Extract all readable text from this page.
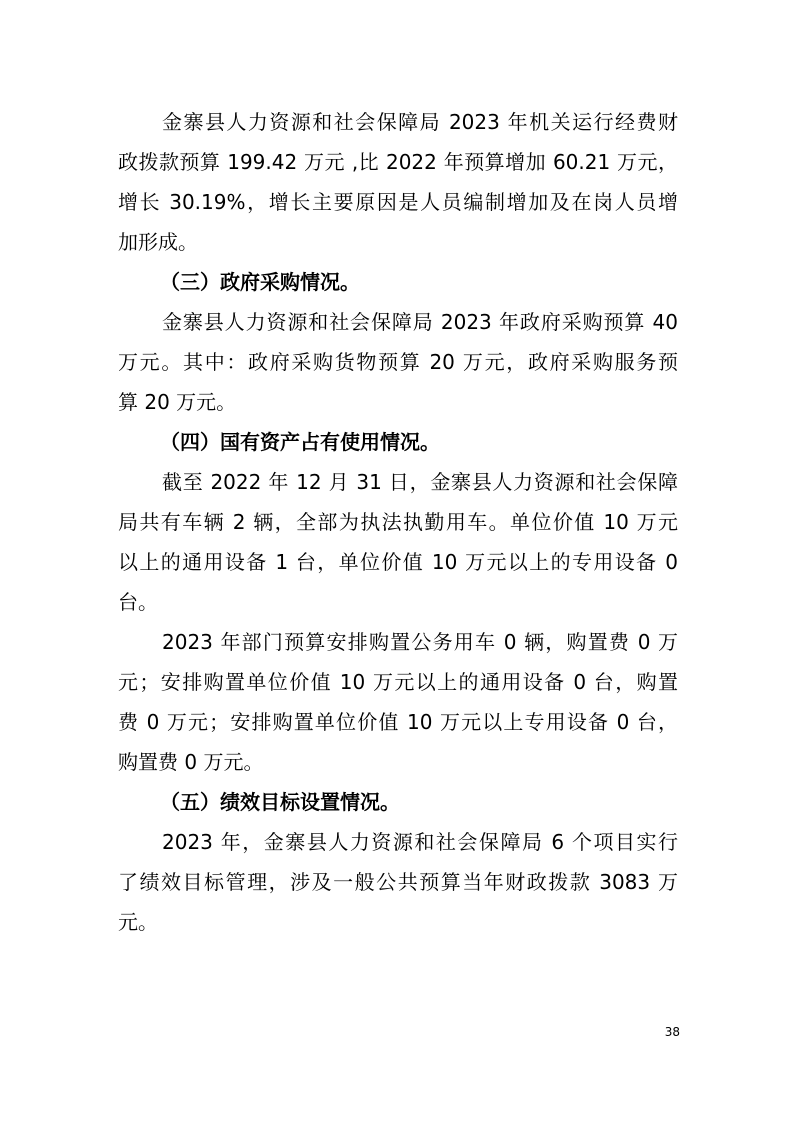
金寨县人力资源和社会保障局 2023 年机关运行经费财
政拨款预算 199.42 万元 ,比 2022 年预算增加 60.21 万元，
增长 30.19%，增长主要原因是人员编制增加及在岗人员增
加形成。
（三）政府采购情况。
金寨县人力资源和社会保障局 2023 年政府采购预算 40
万元。其中：政府采购货物预算 20 万元，政府采购服务预
算 20 万元。
（四）国有资产占有使用情况。
截至 2022 年 12 月 31 日，金寨县人力资源和社会保障
局共有车辆 2 辆，全部为执法执勤用车。单位价值 10 万元
以上的通用设备 1 台，单位价值 10 万元以上的专用设备 0
台。
2023 年部门预算安排购置公务用车 0 辆，购置费 0 万
元；安排购置单位价值 10 万元以上的通用设备 0 台，购置
费 0 万元；安排购置单位价值 10 万元以上专用设备 0 台，
购置费 0 万元。
（五）绩效目标设置情况。
2023 年，金寨县人力资源和社会保障局 6 个项目实行
了绩效目标管理，涉及一般公共预算当年财政拨款 3083 万
元。
38
